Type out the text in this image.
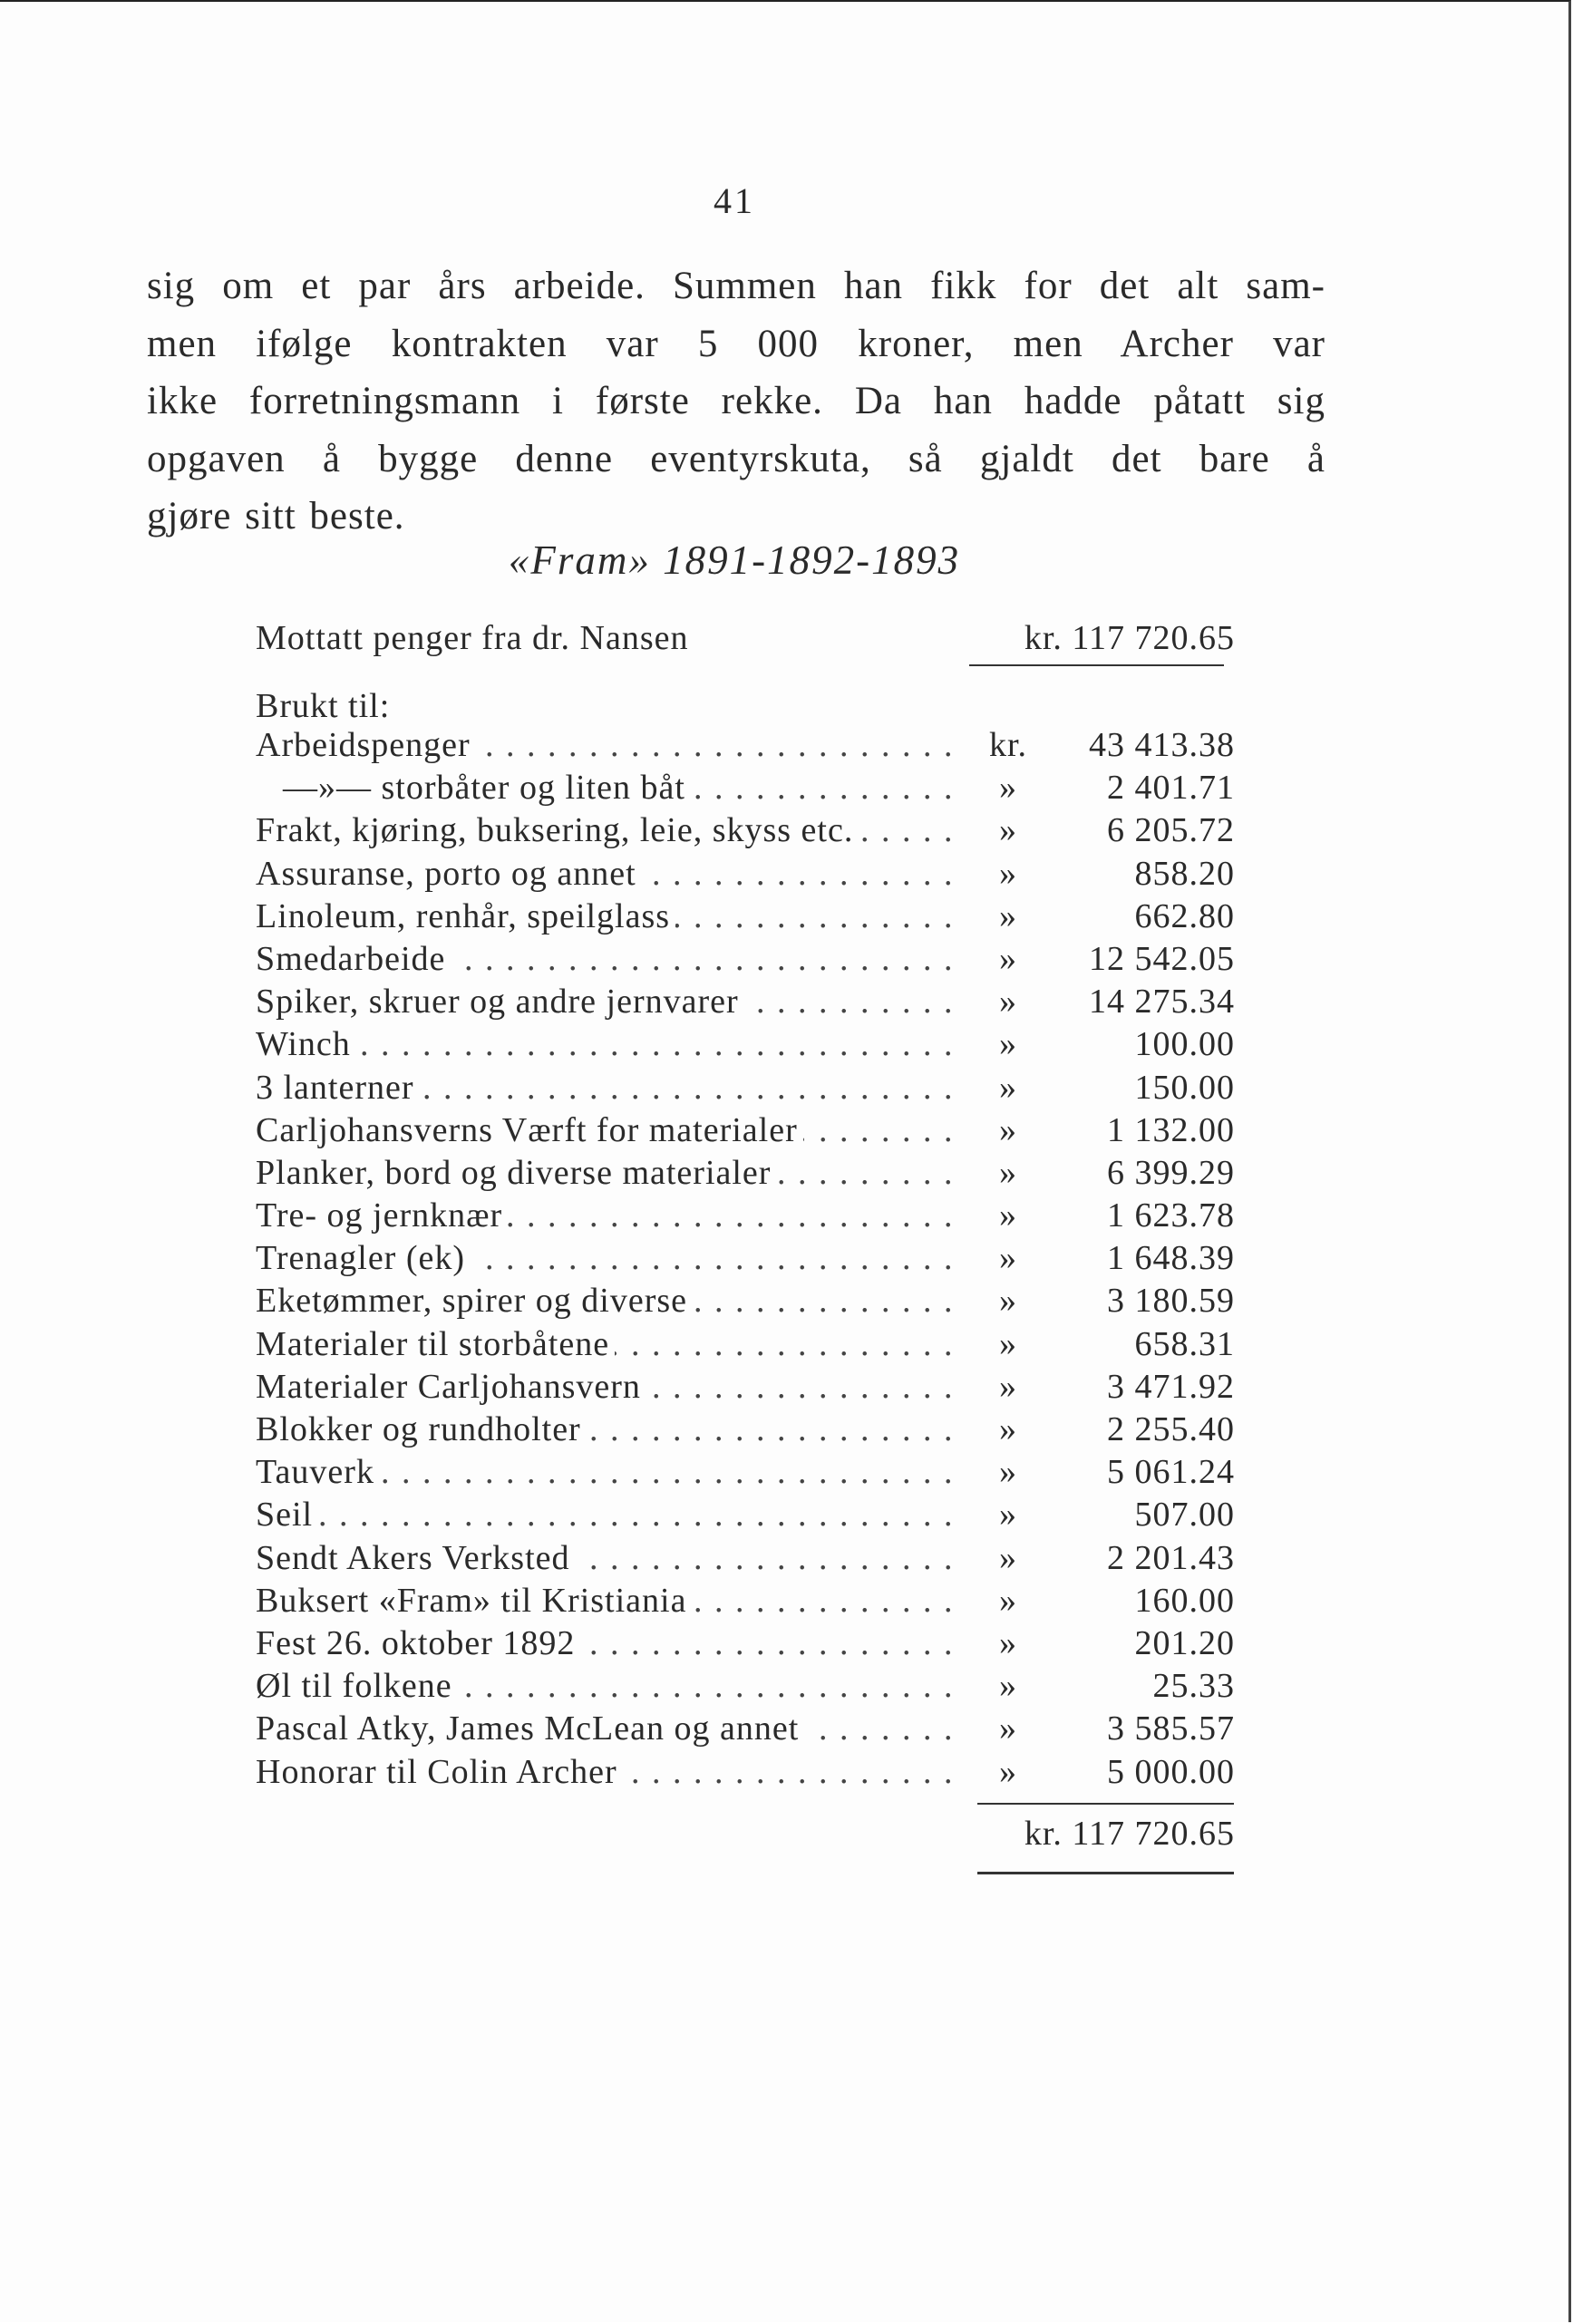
41
sig om et par års arbeide. Summen han fikk for det alt sam-
men ifølge kontrakten var 5 000 kroner, men Archer var
ikke forretningsmann i første rekke. Da han hadde påtatt sig
opgaven å bygge denne eventyrskuta, så gjaldt det bare å
gjøre sitt beste.
«Fram» 1891-1892-1893
Mottatt penger fra dr. Nansen	kr. 117 720.65
Brukt til:
Arbeidspenger . . .	kr. 43 413.38
—»— storbåter og liten båt . . .	»	2 401.71
Frakt, kjøring, buksering, leie, skyss etc. . . .	»	6 205.72
Assuranse, porto og annet . . .	»	858.20
Linoleum, renhår, speilglass . . .	»	662.80
Smedarbeide . . .	»	12 542.05
Spiker, skruer og andre jernvarer . . .	»	14 275.34
Winch . . .	»	100.00
3 lanterner . . .	»	150.00
Carljohansverns Værft for materialer . . .	»	1 132.00
Planker, bord og diverse materialer . . .	»	6 399.29
Tre- og jernknær . . .	»	1 623.78
Trenagler (ek) . . .	»	1 648.39
Eketømmer, spirer og diverse . . .	»	3 180.59
Materialer til storbåtene . . .	»	658.31
Materialer Carljohansvern . . .	»	3 471.92
Blokker og rundholter . . .	»	2 255.40
Tauverk . . .	»	5 061.24
Seil . . .	»	507.00
Sendt Akers Verksted . . .	»	2 201.43
Buksert «Fram» til Kristiania . . .	»	160.00
Fest 26. oktober 1892 . . .	»	201.20
Øl til folkene . . .	»	25.33
Pascal Atky, James McLean og annet . . .	»	3 585.57
Honorar til Colin Archer . . .	»	5 000.00
kr. 117 720.65
